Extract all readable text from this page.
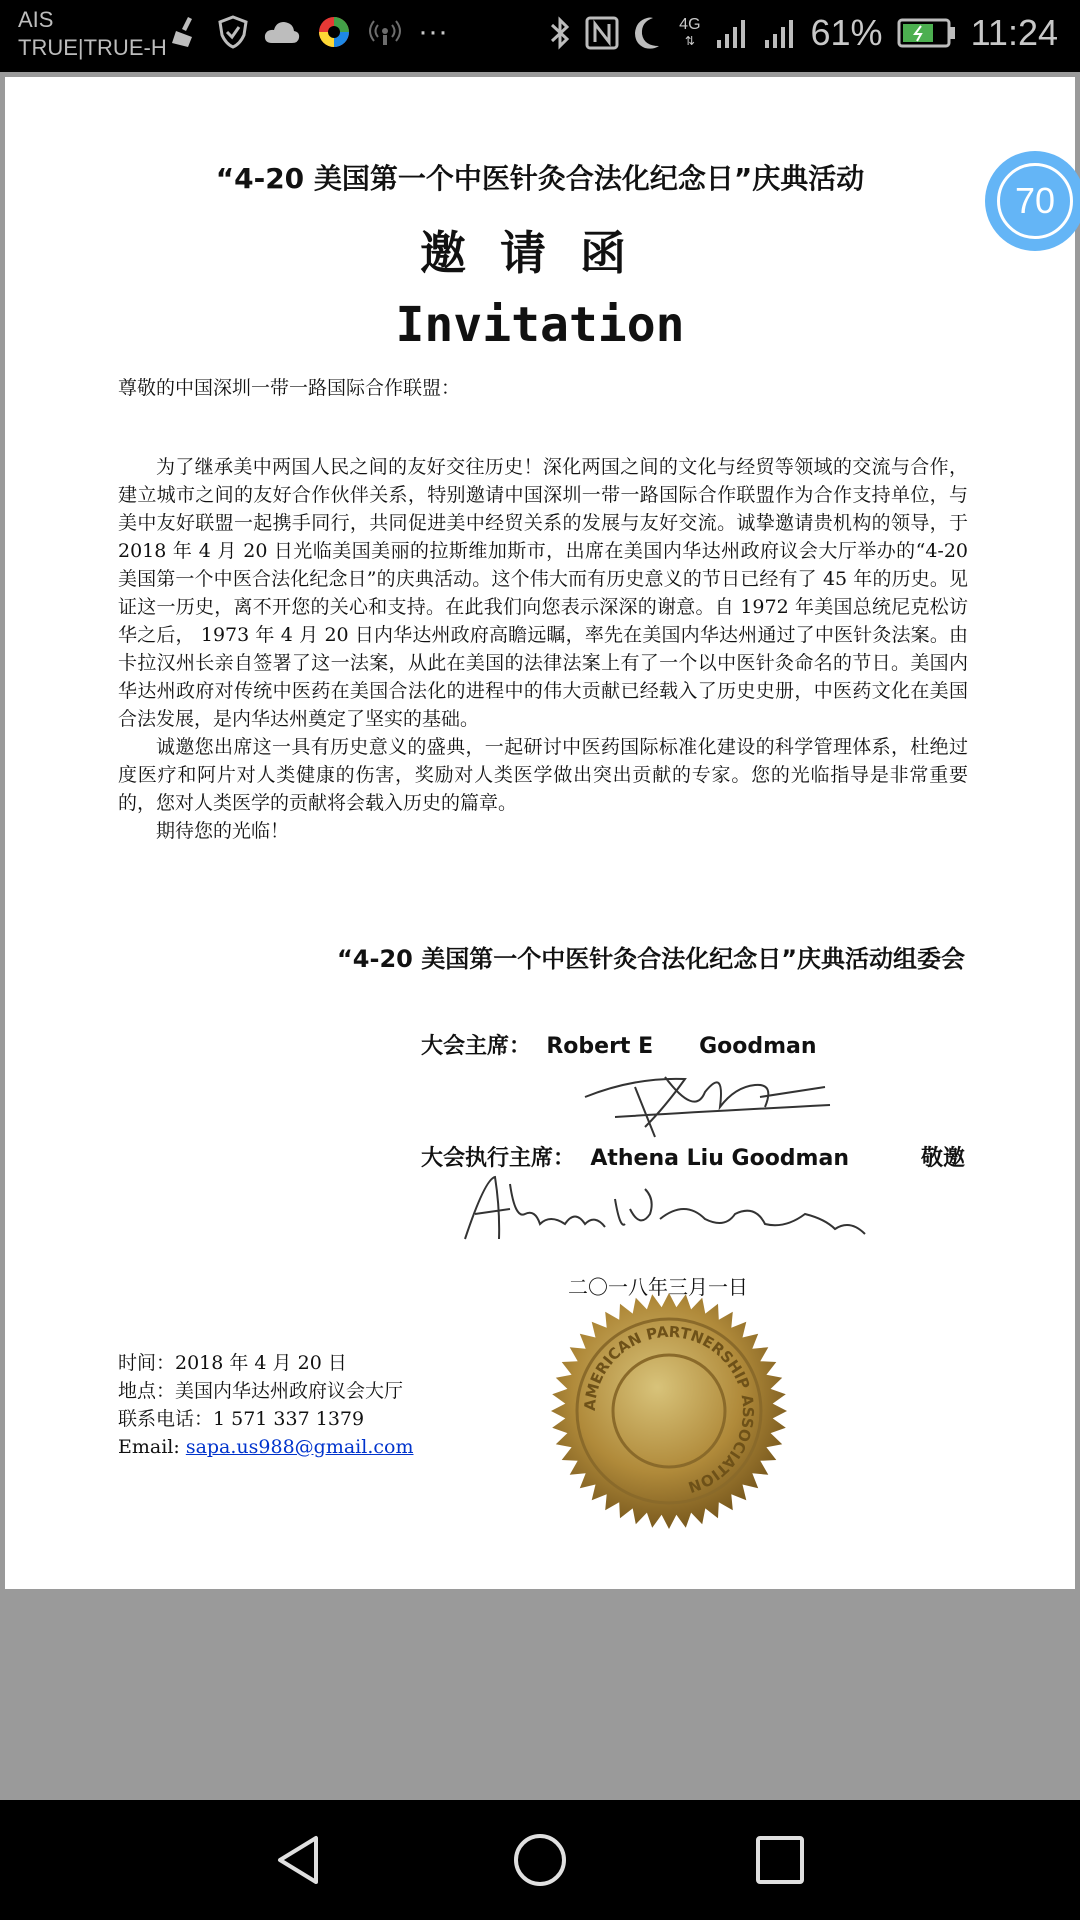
AIS
TRUE|TRUE-H	···	4G
⇅	61% 11:24
“4-20 美国第一个中医针灸合法化纪念日”庆典活动
邀请函
Invitation
尊敬的中国深圳一带一路国际合作联盟：

为了继承美中两国人民之间的友好交往历史！深化两国之间的文化与经贸等领域的交流与合作，建立城市之间的友好合作伙伴关系，特别邀请中国深圳一带一路国际合作联盟作为合作支持单位，与美中友好联盟一起携手同行，共同促进美中经贸关系的发展与友好交流。诚挚邀请贵机构的领导，于 2018 年 4 月 20 日光临美国美丽的拉斯维加斯市，出席在美国内华达州政府议会大厅举办的“4-20 美国第一个中医合法化纪念日”的庆典活动。这个伟大而有历史意义的节日已经有了 45 年的历史。见证这一历史，离不开您的关心和支持。在此我们向您表示深深的谢意。自 1972 年美国总统尼克松访华之后， 1973 年 4 月 20 日内华达州政府高瞻远瞩，率先在美国内华达州通过了中医针灸法案。由卡拉汉州长亲自签署了这一法案，从此在美国的法律法案上有了一个以中医针灸命名的节日。美国内华达州政府对传统中医药在美国合法化的进程中的伟大贡献已经载入了历史史册，中医药文化在美国合法发展，是内华达州奠定了坚实的基础。

诚邀您出席这一具有历史意义的盛典，一起研讨中医药国际标准化建设的科学管理体系，杜绝过度医疗和阿片对人类健康的伤害，奖励对人类医学做出突出贡献的专家。您的光临指导是非常重要的，您对人类医学的贡献将会载入历史的篇章。

期待您的光临！

“4-20 美国第一个中医针灸合法化纪念日”庆典活动组委会
大会主席： Robert E      Goodman
大会执行主席： Athena Liu Goodman	敬邀
二〇一八年三月一日
时间：2018 年 4 月 20 日
地点：美国内华达州政府议会大厅
联系电话：1 571 337 1379
Email: sapa.us988@gmail.com
AMERICAN PARTNERSHIP ASSOCIATION
70
